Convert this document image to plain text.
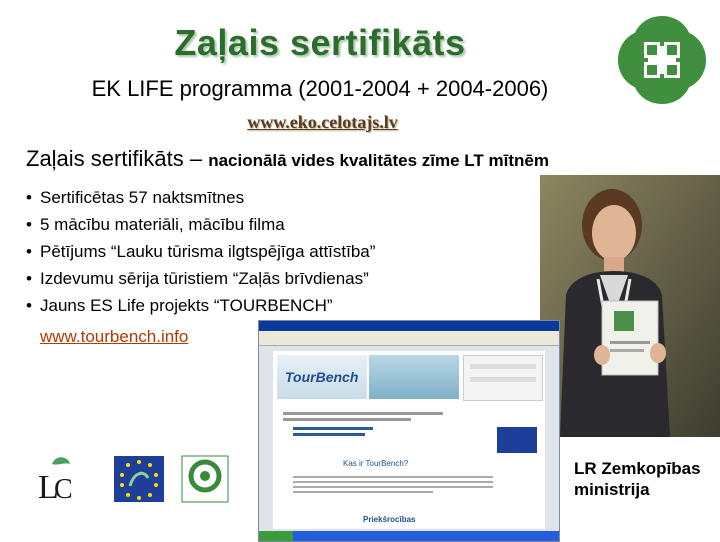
Zaļais sertifikāts
EK LIFE programma (2001-2004 + 2004-2006)
www.eko.celotajs.lv
Zaļais sertifikāts – nacionālā vides kvalitātes zīme LT mītnēm
• Sertificētas 57 naktsmītnes
• 5 mācību materiāli, mācību filma
• Pētījums “Lauku tūrisma ilgtspējīga attīstība”
• Izdevumu sērija tūristiem “Zaļās brīvdienas”
• Jauns ES Life projekts “TOURBENCH”
www.tourbench.info
TourBench
Kas ir TourBench?
Priekšrocības
L
C
LR Zemkopības
ministrija
